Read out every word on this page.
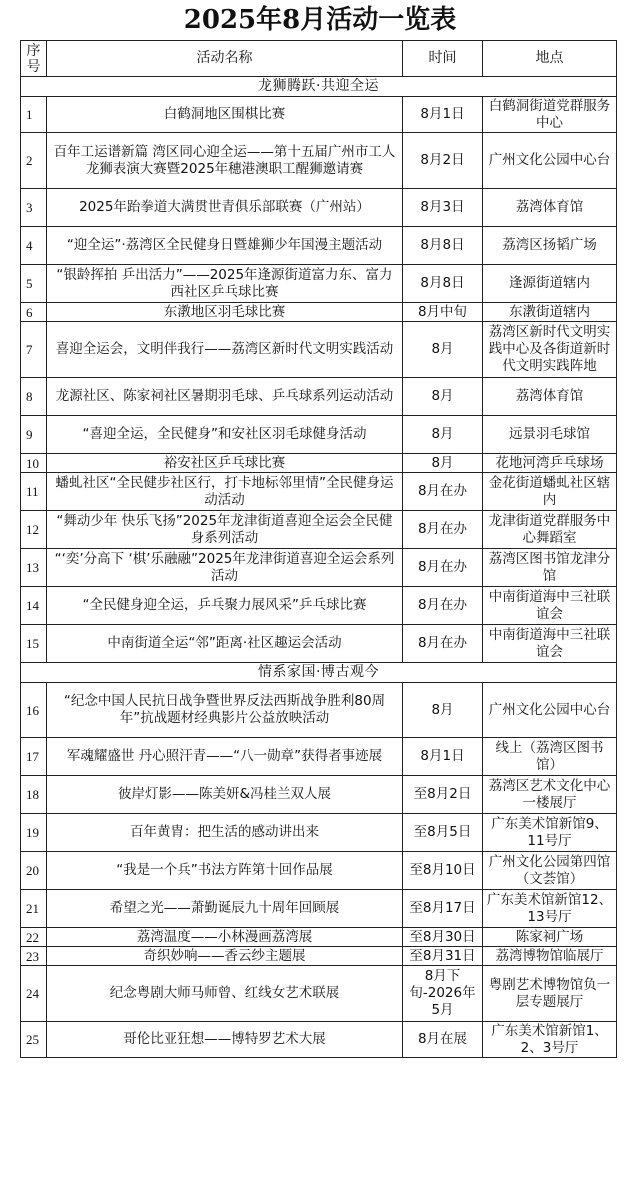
2025年8月活动一览表
序
号	活动名称	时间	地点
龙狮腾跃·共迎全运			
1	白鹤洞地区围棋比赛	8月1日	白鹤洞街道党群服务中心
2	百年工运谱新篇 湾区同心迎全运——第十五届广州市工人龙狮表演大赛暨2025年穗港澳职工醒狮邀请赛	8月2日	广州文化公园中心台
3	2025年跆拳道大满贯世青俱乐部联赛（广州站）	8月3日	荔湾体育馆
4	“迎全运”·荔湾区全民健身日暨雄狮少年国漫主题活动	8月8日	荔湾区扬韬广场
5	“银龄挥拍 乒出活力”——2025年逢源街道富力东、富力西社区乒乓球比赛	8月8日	逢源街道辖内
6	东漖地区羽毛球比赛	8月中旬	东漖街道辖内
7	喜迎全运会，文明伴我行——荔湾区新时代文明实践活动	8月	荔湾区新时代文明实践中心及各街道新时代文明实践阵地
8	龙源社区、陈家祠社区暑期羽毛球、乒乓球系列运动活动	8月	荔湾体育馆
9	“喜迎全运，全民健身”和安社区羽毛球健身活动	8月	远景羽毛球馆
10	裕安社区乒乓球比赛	8月	花地河湾乒乓球场
11	蟠虬社区“全民健步社区行，打卡地标邻里情”全民健身运动活动	8月在办	金花街道蟠虬社区辖内
12	“舞动少年 快乐飞扬”2025年龙津街道喜迎全运会全民健身系列活动	8月在办	龙津街道党群服务中心舞蹈室
13	“‘奕’分高下 ‘棋’乐融融”2025年龙津街道喜迎全运会系列活动	8月在办	荔湾区图书馆龙津分馆
14	“全民健身迎全运，乒乓聚力展风采”乒乓球比赛	8月在办	中南街道海中三社联谊会
15	中南街道全运“邻”距离·社区趣运会活动	8月在办	中南街道海中三社联谊会
情系家国·博古观今			
16	“纪念中国人民抗日战争暨世界反法西斯战争胜利80周年”抗战题材经典影片公益放映活动	8月	广州文化公园中心台
17	军魂耀盛世 丹心照汗青——“八一勋章”获得者事迹展	8月1日	线上（荔湾区图书馆）
18	彼岸灯影——陈美妍&冯桂兰双人展	至8月2日	荔湾区艺术文化中心一楼展厅
19	百年黄胄：把生活的感动讲出来	至8月5日	广东美术馆新馆9、11号厅
20	“我是一个兵”书法方阵第十回作品展	至8月10日	广州文化公园第四馆（文荟馆）
21	希望之光——萧勤诞辰九十周年回顾展	至8月17日	广东美术馆新馆12、13号厅
22	荔湾温度——小林漫画荔湾展	至8月30日	陈家祠广场
23	奇织妙响——香云纱主题展	至8月31日	荔湾博物馆临展厅
24	纪念粤剧大师马师曾、红线女艺术联展	8月下旬-2026年5月	粤剧艺术博物馆负一层专题展厅
25	哥伦比亚狂想——博特罗艺术大展	8月在展	广东美术馆新馆1、2、3号厅
